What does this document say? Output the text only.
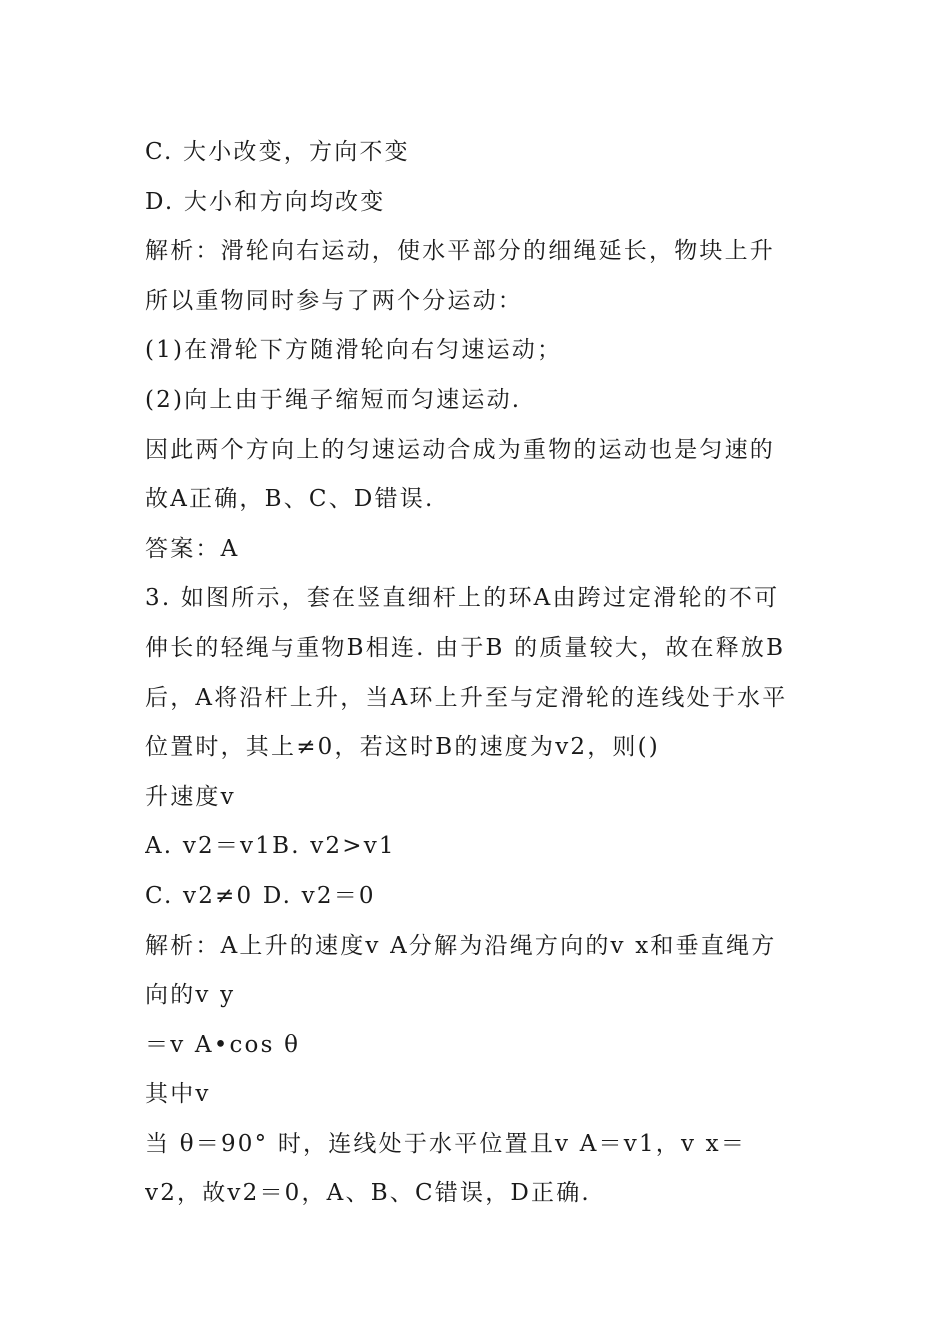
C. 大小改变，方向不变
D. 大小和方向均改变
解析：滑轮向右运动，使水平部分的细绳延长，物块上升
所以重物同时参与了两个分运动：
(1)在滑轮下方随滑轮向右匀速运动；
(2)向上由于绳子缩短而匀速运动.
因此两个方向上的匀速运动合成为重物的运动也是匀速的
故A正确，B、C、D错误.
答案：A
3. 如图所示，套在竖直细杆上的环A由跨过定滑轮的不可
伸长的轻绳与重物B相连. 由于B 的质量较大，故在释放B
后，A将沿杆上升，当A环上升至与定滑轮的连线处于水平
位置时，其上≠0，若这时B的速度为v2，则()
升速度v
A. v2＝v1B. v2>v1
C. v2≠0 D. v2＝0
解析：A上升的速度v A分解为沿绳方向的v x和垂直绳方
向的v y
＝v A•cos θ
其中v
当 θ＝90° 时，连线处于水平位置且v A＝v1，v x＝
v2，故v2＝0，A、B、C错误，D正确.
